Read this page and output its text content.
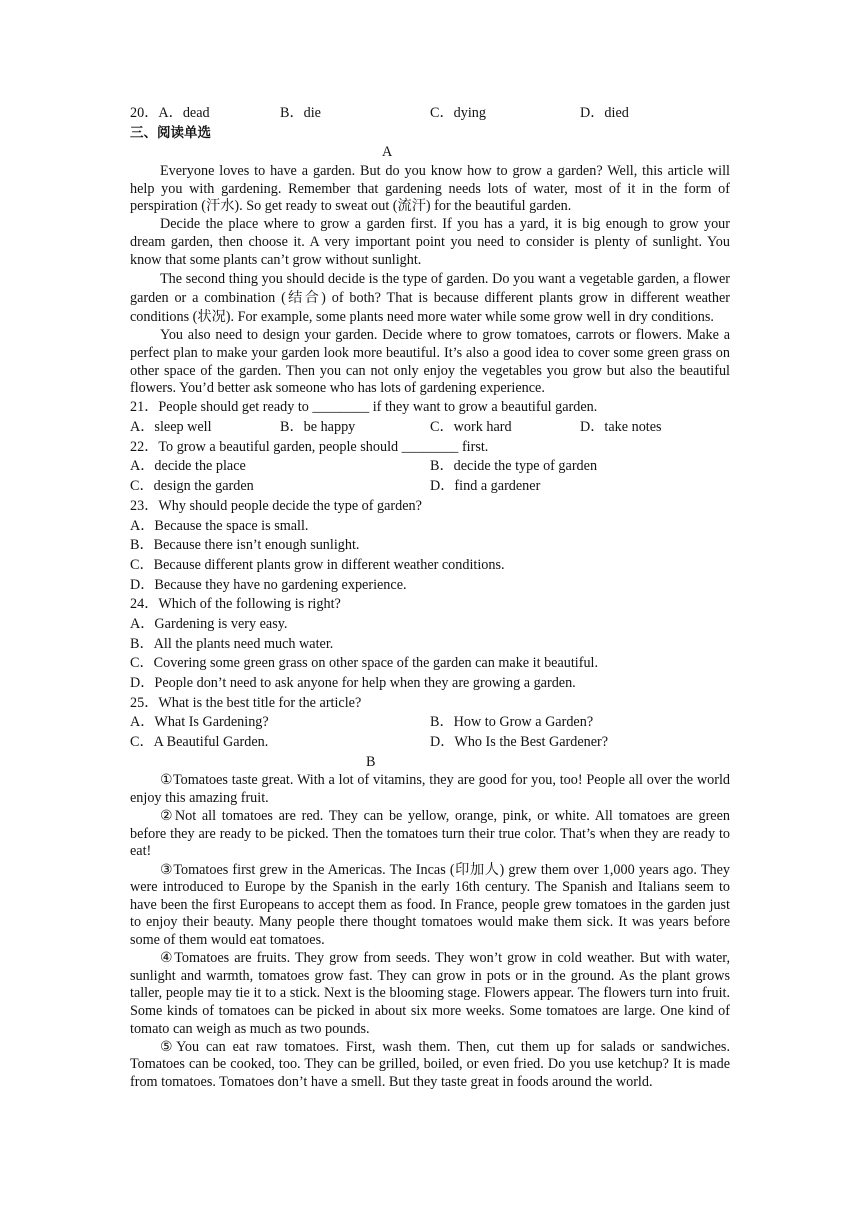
20．A．dead	B．die	C．dying	D．died
三、阅读单选
A

Everyone loves to have a garden. But do you know how to grow a garden? Well, this article will help you with gardening. Remember that gardening needs lots of water, most of it in the form of perspiration (汗水). So get ready to sweat out (流汗) for the beautiful garden.

Decide the place where to grow a garden first. If you has a yard, it is big enough to grow your dream garden, then choose it. A very important point you need to consider is plenty of sunlight. You know that some plants can’t grow without sunlight.

The second thing you should decide is the type of garden. Do you want a vegetable garden, a flower garden or a combination (结合) of both? That is because different plants grow in different weather conditions (状况). For example, some plants need more water while some grow well in dry conditions.

You also need to design your garden. Decide where to grow tomatoes, carrots or flowers. Make a perfect plan to make your garden look more beautiful. It’s also a good idea to cover some green grass on other space of the garden. Then you can not only enjoy the vegetables you grow but also the beautiful flowers. You’d better ask someone who has lots of gardening experience.

21．People should get ready to ________ if they want to grow a beautiful garden.
A．sleep well	B．be happy	C．work hard	D．take notes
22．To grow a beautiful garden, people should ________ first.
A．decide the place	B．decide the type of garden
C．design the garden	D．find a gardener
23．Why should people decide the type of garden?
A．Because the space is small.
B．Because there isn’t enough sunlight.
C．Because different plants grow in different weather conditions.
D．Because they have no gardening experience.
24．Which of the following is right?
A．Gardening is very easy.
B．All the plants need much water.
C．Covering some green grass on other space of the garden can make it beautiful.
D．People don’t need to ask anyone for help when they are growing a garden.
25．What is the best title for the article?
A．What Is Gardening?	B．How to Grow a Garden?
C．A Beautiful Garden.	D．Who Is the Best Gardener?
B

①Tomatoes taste great. With a lot of vitamins, they are good for you, too! People all over the world enjoy this amazing fruit.

②Not all tomatoes are red. They can be yellow, orange, pink, or white. All tomatoes are green before they are ready to be picked. Then the tomatoes turn their true color. That’s when they are ready to eat!

③Tomatoes first grew in the Americas. The Incas (印加人) grew them over 1,000 years ago. They were introduced to Europe by the Spanish in the early 16th century. The Spanish and Italians seem to have been the first Europeans to accept them as food. In France, people grew tomatoes in the garden just to enjoy their beauty. Many people there thought tomatoes would make them sick. It was years before some of them would eat tomatoes.

④Tomatoes are fruits. They grow from seeds. They won’t grow in cold weather. But with water, sunlight and warmth, tomatoes grow fast. They can grow in pots or in the ground. As the plant grows taller, people may tie it to a stick. Next is the blooming stage. Flowers appear. The flowers turn into fruit. Some kinds of tomatoes can be picked in about six more weeks. Some tomatoes are large. One kind of tomato can weigh as much as two pounds.

⑤You can eat raw tomatoes. First, wash them. Then, cut them up for salads or sandwiches. Tomatoes can be cooked, too. They can be grilled, boiled, or even fried. Do you use ketchup? It is made from tomatoes. Tomatoes don’t have a smell. But they taste great in foods around the world.
